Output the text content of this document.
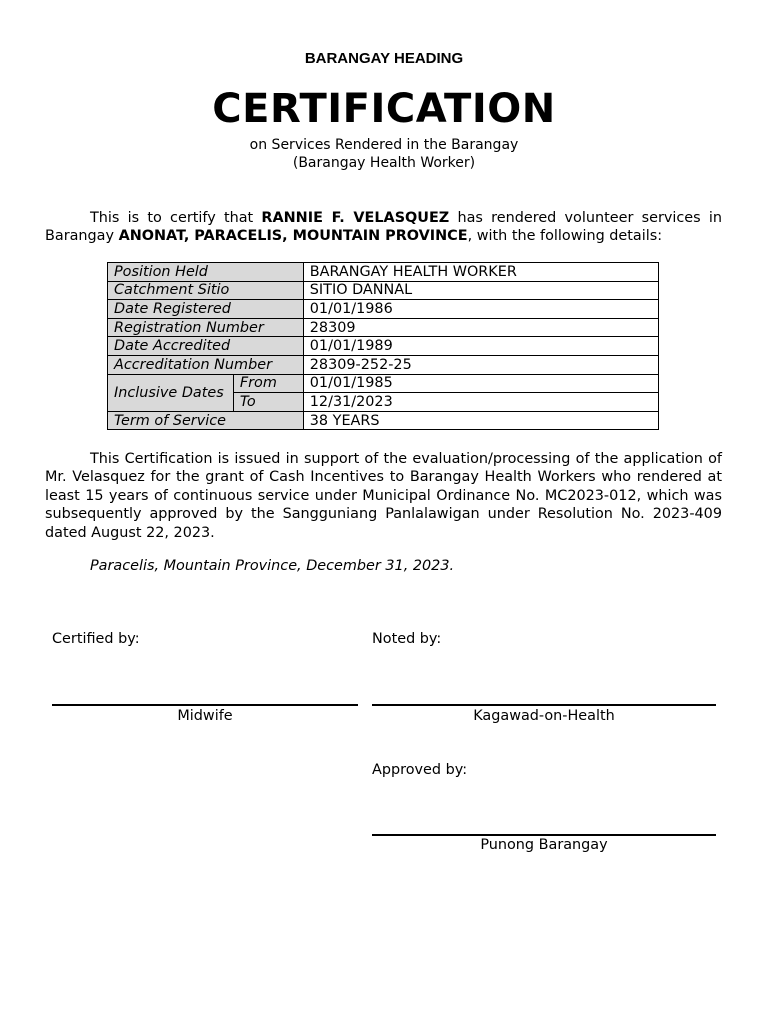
BARANGAY HEADING
CERTIFICATION
on Services Rendered in the Barangay
(Barangay Health Worker)
This is to certify that RANNIE F. VELASQUEZ has rendered volunteer services in Barangay ANONAT, PARACELIS, MOUNTAIN PROVINCE, with the following details:
Position Held		BARANGAY HEALTH WORKER
Catchment Sitio		SITIO DANNAL
Date Registered		01/01/1986
Registration Number		28309
Date Accredited		01/01/1989
Accreditation Number		28309-252-25
Inclusive Dates	From	01/01/1985
	To	12/31/2023
Term of Service		38 YEARS
This Certification is issued in support of the evaluation/processing of the application of Mr. Velasquez for the grant of Cash Incentives to Barangay Health Workers who rendered at least 15 years of continuous service under Municipal Ordinance No. MC2023-012, which was subsequently approved by the Sangguniang Panlalawigan under Resolution No. 2023-409 dated August 22, 2023.
Paracelis, Mountain Province, December 31, 2023.
Certified by:
Midwife
Noted by:
Kagawad-on-Health
Approved by:
Punong Barangay
